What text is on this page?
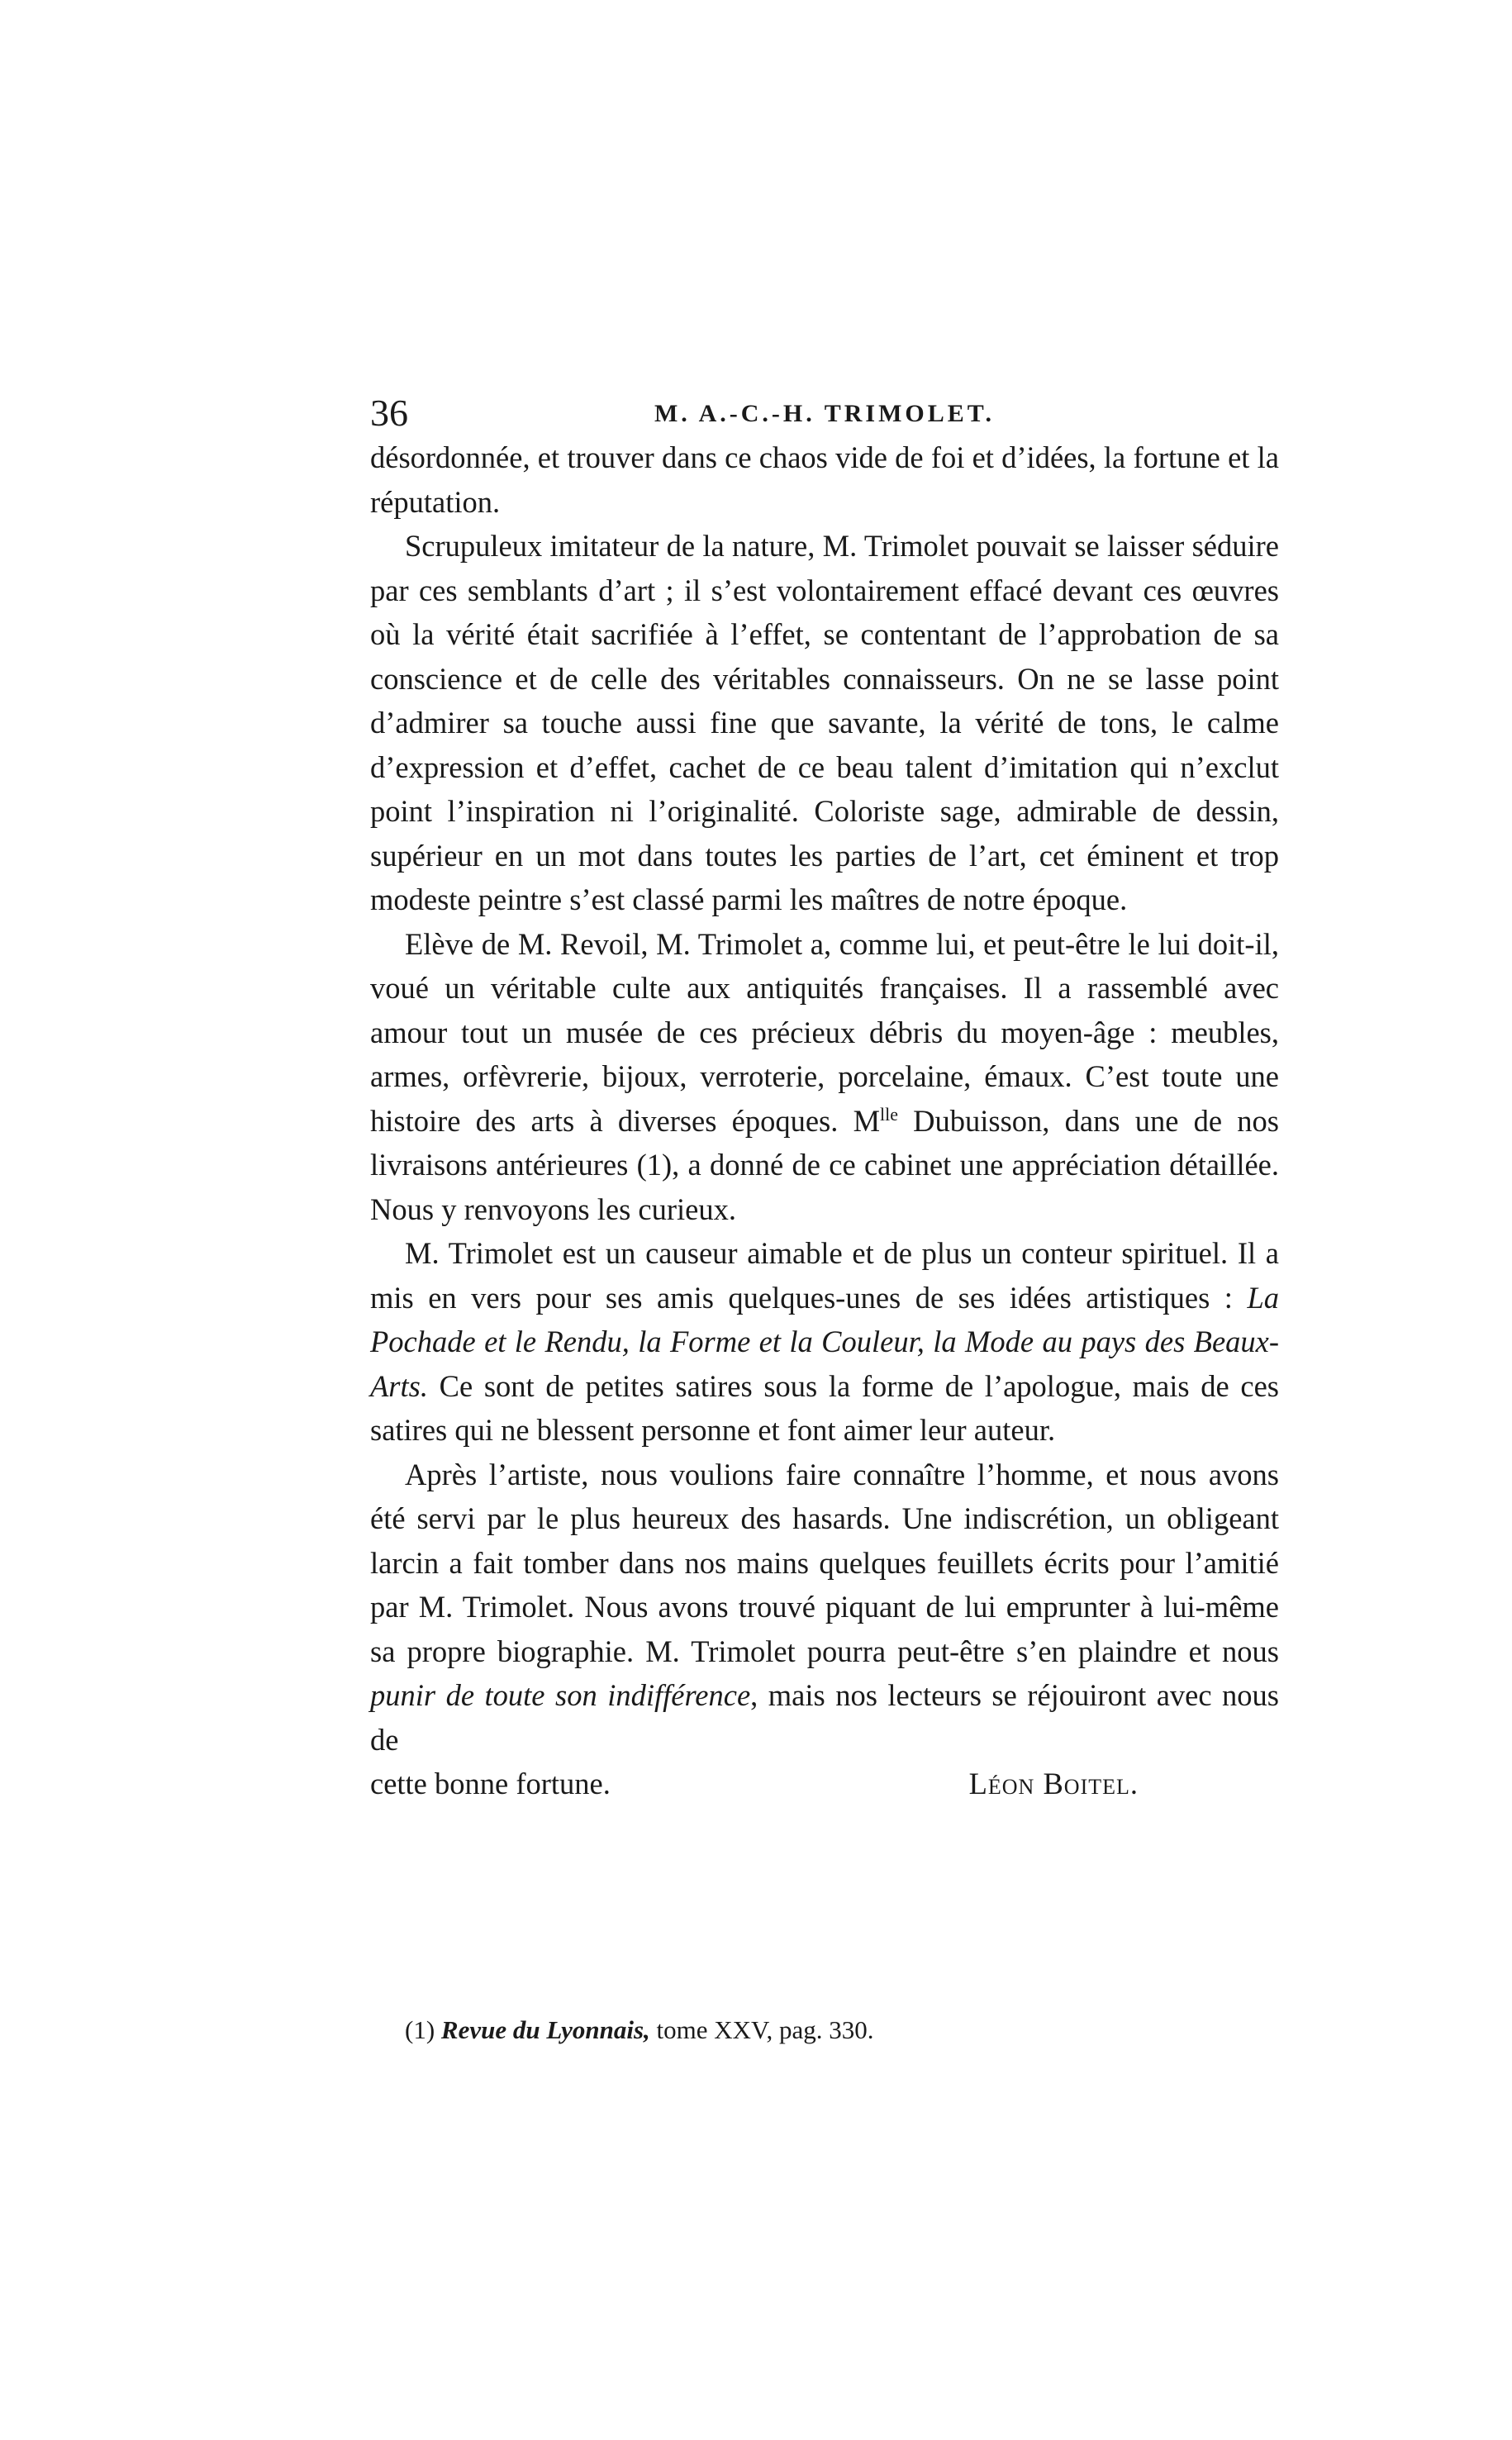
36	M. A.-C.-H. TRIMOLET.

désordonnée, et trouver dans ce chaos vide de foi et d’idées, la fortune et la réputation.

Scrupuleux imitateur de la nature, M. Trimolet pouvait se laisser séduire par ces semblants d’art ; il s’est volontairement effacé devant ces œuvres où la vérité était sacrifiée à l’effet, se contentant de l’approbation de sa conscience et de celle des véritables connaisseurs. On ne se lasse point d’admirer sa touche aussi fine que savante, la vérité de tons, le calme d’expression et d’effet, cachet de ce beau talent d’imitation qui n’exclut point l’inspiration ni l’originalité. Coloriste sage, admirable de dessin, supérieur en un mot dans toutes les parties de l’art, cet éminent et trop modeste peintre s’est classé parmi les maîtres de notre époque.

Elève de M. Revoil, M. Trimolet a, comme lui, et peut-être le lui doit-il, voué un véritable culte aux antiquités françaises. Il a rassemblé avec amour tout un musée de ces précieux débris du moyen-âge : meubles, armes, orfèvrerie, bijoux, verroterie, porcelaine, émaux. C’est toute une histoire des arts à diverses époques. $M^{lle}$ Dubuisson, dans une de nos livraisons antérieures (1), a donné de ce cabinet une appréciation détaillée. Nous y renvoyons les curieux.

M. Trimolet est un causeur aimable et de plus un conteur spirituel. Il a mis en vers pour ses amis quelques-unes de ses idées artistiques : La Pochade et le Rendu, la Forme et la Couleur, la Mode au pays des Beaux-Arts. Ce sont de petites satires sous la forme de l’apologue, mais de ces satires qui ne blessent personne et font aimer leur auteur.

Après l’artiste, nous voulions faire connaître l’homme, et nous avons été servi par le plus heureux des hasards. Une indiscrétion, un obligeant larcin a fait tomber dans nos mains quelques feuillets écrits pour l’amitié par M. Trimolet. Nous avons trouvé piquant de lui emprunter à lui-même sa propre biographie. M. Trimolet pourra peut-être s’en plaindre et nous punir de toute son indifférence, mais nos lecteurs se réjouiront avec nous de

cette bonne fortune.	Léon Boitel.
(1) Revue du Lyonnais, tome XXV, pag. 330.
